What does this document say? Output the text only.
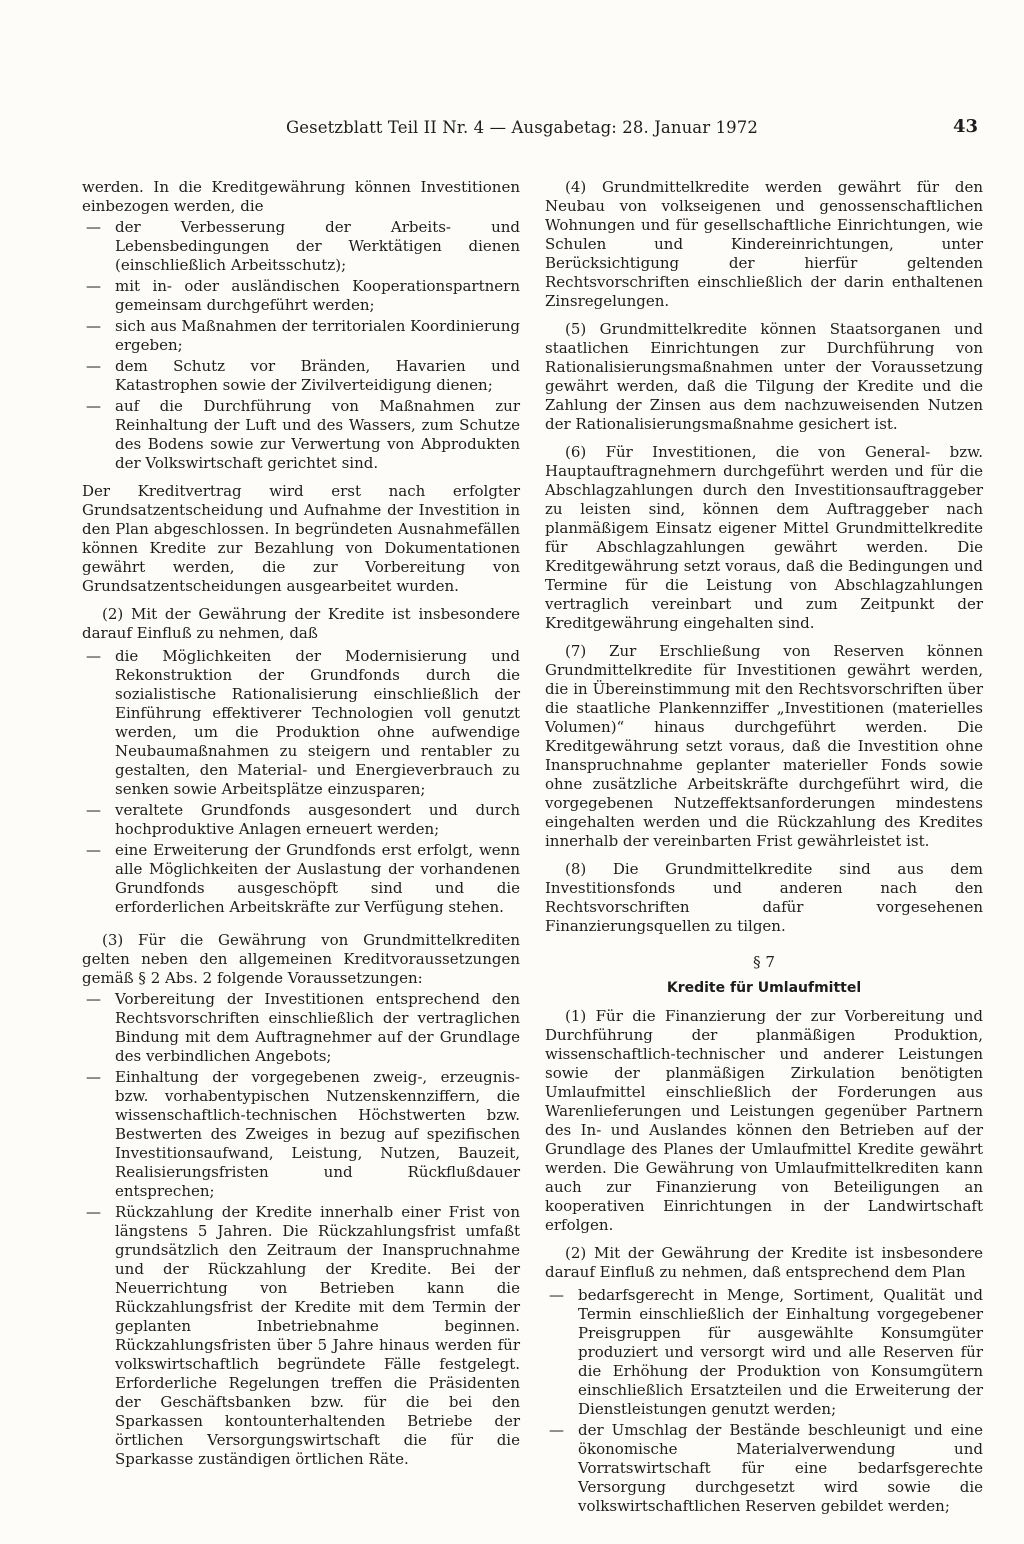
Gesetzblatt Teil II Nr. 4 — Ausgabetag: 28. Januar 1972	43

werden. In die Kreditgewährung können Investitionen einbezogen werden, die

— der Verbesserung der Arbeits- und Lebensbedingungen der Werktätigen dienen (einschließlich Arbeitsschutz);
— mit in- oder ausländischen Kooperationspartnern gemeinsam durchgeführt werden;
— sich aus Maßnahmen der territorialen Koordinierung ergeben;
— dem Schutz vor Bränden, Havarien und Katastrophen sowie der Zivilverteidigung dienen;
— auf die Durchführung von Maßnahmen zur Reinhaltung der Luft und des Wassers, zum Schutze des Bodens sowie zur Verwertung von Abprodukten der Volkswirtschaft gerichtet sind.

Der Kreditvertrag wird erst nach erfolgter Grundsatzentscheidung und Aufnahme der Investition in den Plan abgeschlossen. In begründeten Ausnahmefällen können Kredite zur Bezahlung von Dokumentationen gewährt werden, die zur Vorbereitung von Grundsatzentscheidungen ausgearbeitet wurden.

(2) Mit der Gewährung der Kredite ist insbesondere darauf Einfluß zu nehmen, daß

— die Möglichkeiten der Modernisierung und Rekonstruktion der Grundfonds durch die sozialistische Rationalisierung einschließlich der Einführung effektiverer Technologien voll genutzt werden, um die Produktion ohne aufwendige Neubaumaßnahmen zu steigern und rentabler zu gestalten, den Material- und Energieverbrauch zu senken sowie Arbeitsplätze einzusparen;
— veraltete Grundfonds ausgesondert und durch hochproduktive Anlagen erneuert werden;
— eine Erweiterung der Grundfonds erst erfolgt, wenn alle Möglichkeiten der Auslastung der vorhandenen Grundfonds ausgeschöpft sind und die erforderlichen Arbeitskräfte zur Verfügung stehen.

(3) Für die Gewährung von Grundmittelkrediten gelten neben den allgemeinen Kreditvoraussetzungen gemäß § 2 Abs. 2 folgende Voraussetzungen:

— Vorbereitung der Investitionen entsprechend den Rechtsvorschriften einschließlich der vertraglichen Bindung mit dem Auftragnehmer auf der Grundlage des verbindlichen Angebots;
— Einhaltung der vorgegebenen zweig-, erzeugnis- bzw. vorhabentypischen Nutzenskennziffern, die wissenschaftlich-technischen Höchstwerten bzw. Bestwerten des Zweiges in bezug auf spezifischen Investitionsaufwand, Leistung, Nutzen, Bauzeit, Realisierungsfristen und Rückflußdauer entsprechen;
— Rückzahlung der Kredite innerhalb einer Frist von längstens 5 Jahren. Die Rückzahlungsfrist umfaßt grundsätzlich den Zeitraum der Inanspruchnahme und der Rückzahlung der Kredite. Bei der Neuerrichtung von Betrieben kann die Rückzahlungsfrist der Kredite mit dem Termin der geplanten Inbetriebnahme beginnen. Rückzahlungsfristen über 5 Jahre hinaus werden für volkswirtschaftlich begründete Fälle festgelegt. Erforderliche Regelungen treffen die Präsidenten der Geschäftsbanken bzw. für die bei den Sparkassen kontounterhaltenden Betriebe der örtlichen Versorgungswirtschaft die für die Sparkasse zuständigen örtlichen Räte.

(4) Grundmittelkredite werden gewährt für den Neubau von volkseigenen und genossenschaftlichen Wohnungen und für gesellschaftliche Einrichtungen, wie Schulen und Kindereinrichtungen, unter Berücksichtigung der hierfür geltenden Rechtsvorschriften einschließlich der darin enthaltenen Zinsregelungen.

(5) Grundmittelkredite können Staatsorganen und staatlichen Einrichtungen zur Durchführung von Rationalisierungsmaßnahmen unter der Voraussetzung gewährt werden, daß die Tilgung der Kredite und die Zahlung der Zinsen aus dem nachzuweisenden Nutzen der Rationalisierungsmaßnahme gesichert ist.

(6) Für Investitionen, die von General- bzw. Hauptauftragnehmern durchgeführt werden und für die Abschlagzahlungen durch den Investitionsauftraggeber zu leisten sind, können dem Auftraggeber nach planmäßigem Einsatz eigener Mittel Grundmittelkredite für Abschlagzahlungen gewährt werden. Die Kreditgewährung setzt voraus, daß die Bedingungen und Termine für die Leistung von Abschlagzahlungen vertraglich vereinbart und zum Zeitpunkt der Kreditgewährung eingehalten sind.

(7) Zur Erschließung von Reserven können Grundmittelkredite für Investitionen gewährt werden, die in Übereinstimmung mit den Rechtsvorschriften über die staatliche Plankennziffer „Investitionen (materielles Volumen)“ hinaus durchgeführt werden. Die Kreditgewährung setzt voraus, daß die Investition ohne Inanspruchnahme geplanter materieller Fonds sowie ohne zusätzliche Arbeitskräfte durchgeführt wird, die vorgegebenen Nutzeffektsanforderungen mindestens eingehalten werden und die Rückzahlung des Kredites innerhalb der vereinbarten Frist gewährleistet ist.

(8) Die Grundmittelkredite sind aus dem Investitionsfonds und anderen nach den Rechtsvorschriften dafür vorgesehenen Finanzierungsquellen zu tilgen.

§ 7
Kredite für Umlaufmittel

(1) Für die Finanzierung der zur Vorbereitung und Durchführung der planmäßigen Produktion, wissenschaftlich-technischer und anderer Leistungen sowie der planmäßigen Zirkulation benötigten Umlaufmittel einschließlich der Forderungen aus Warenlieferungen und Leistungen gegenüber Partnern des In- und Auslandes können den Betrieben auf der Grundlage des Planes der Umlaufmittel Kredite gewährt werden. Die Gewährung von Umlaufmittelkrediten kann auch zur Finanzierung von Beteiligungen an kooperativen Einrichtungen in der Landwirtschaft erfolgen.

(2) Mit der Gewährung der Kredite ist insbesondere darauf Einfluß zu nehmen, daß entsprechend dem Plan

— bedarfsgerecht in Menge, Sortiment, Qualität und Termin einschließlich der Einhaltung vorgegebener Preisgruppen für ausgewählte Konsumgüter produziert und versorgt wird und alle Reserven für die Erhöhung der Produktion von Konsumgütern einschließlich Ersatzteilen und die Erweiterung der Dienstleistungen genutzt werden;
— der Umschlag der Bestände beschleunigt und eine ökonomische Materialverwendung und Vorratswirtschaft für eine bedarfsgerechte Versorgung durchgesetzt wird sowie die volkswirtschaftlichen Reserven gebildet werden;
